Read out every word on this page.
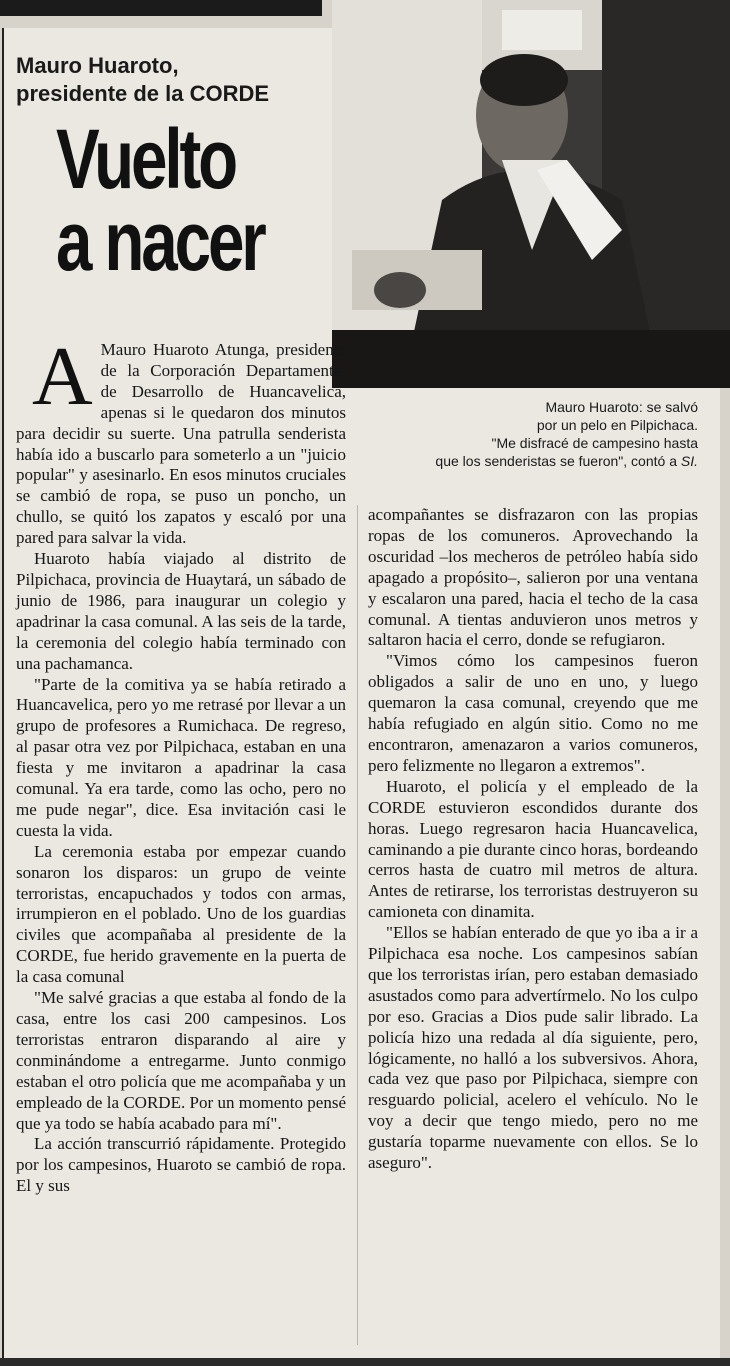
Mauro Huaroto,
presidente de la CORDE
Vuelto
a nacer
Mauro Huaroto: se salvó
por un pelo en Pilpichaca.
"Me disfracé de campesino hasta
que los senderistas se fueron", contó a SI.

A Mauro Huaroto Atunga, presidente de la Corporación Departamental de Desarrollo de Huancavelica, apenas si le quedaron dos minutos para decidir su suerte. Una patrulla senderista había ido a buscarlo para someterlo a un "juicio popular" y asesinarlo. En esos minutos cruciales se cambió de ropa, se puso un poncho, un chullo, se quitó los zapatos y escaló por una pared para salvar la vida.

Huaroto había viajado al distrito de Pilpichaca, provincia de Huaytará, un sábado de junio de 1986, para inaugurar un colegio y apadrinar la casa comunal. A las seis de la tarde, la ceremonia del colegio había terminado con una pachamanca.

"Parte de la comitiva ya se había retirado a Huancavelica, pero yo me retrasé por llevar a un grupo de profesores a Rumichaca. De regreso, al pasar otra vez por Pilpichaca, estaban en una fiesta y me invitaron a apadrinar la casa comunal. Ya era tarde, como las ocho, pero no me pude negar", dice. Esa invitación casi le cuesta la vida.

La ceremonia estaba por empezar cuando sonaron los disparos: un grupo de veinte terroristas, encapuchados y todos con armas, irrumpieron en el poblado. Uno de los guardias civiles que acompañaba al presidente de la CORDE, fue herido gravemente en la puerta de la casa comunal

"Me salvé gracias a que estaba al fondo de la casa, entre los casi 200 campesinos. Los terroristas entraron disparando al aire y conminándome a entregarme. Junto conmigo estaban el otro policía que me acompañaba y un empleado de la CORDE. Por un momento pensé que ya todo se había acabado para mí".

La acción transcurrió rápidamente. Protegido por los campesinos, Huaroto se cambió de ropa. El y sus

acompañantes se disfrazaron con las propias ropas de los comuneros. Aprovechando la oscuridad –los mecheros de petróleo había sido apagado a propósito–, salieron por una ventana y escalaron una pared, hacia el techo de la casa comunal. A tientas anduvieron unos metros y saltaron hacia el cerro, donde se refugiaron.

"Vimos cómo los campesinos fueron obligados a salir de uno en uno, y luego quemaron la casa comunal, creyendo que me había refugiado en algún sitio. Como no me encontraron, amenazaron a varios comuneros, pero felizmente no llegaron a extremos".

Huaroto, el policía y el empleado de la CORDE estuvieron escondidos durante dos horas. Luego regresaron hacia Huancavelica, caminando a pie durante cinco horas, bordeando cerros hasta de cuatro mil metros de altura. Antes de retirarse, los terroristas destruyeron su camioneta con dinamita.

"Ellos se habían enterado de que yo iba a ir a Pilpichaca esa noche. Los campesinos sabían que los terroristas irían, pero estaban demasiado asustados como para advertírmelo. No los culpo por eso. Gracias a Dios pude salir librado. La policía hizo una redada al día siguiente, pero, lógicamente, no halló a los subversivos. Ahora, cada vez que paso por Pilpichaca, siempre con resguardo policial, acelero el vehículo. No le voy a decir que tengo miedo, pero no me gustaría toparme nuevamente con ellos. Se lo aseguro".
